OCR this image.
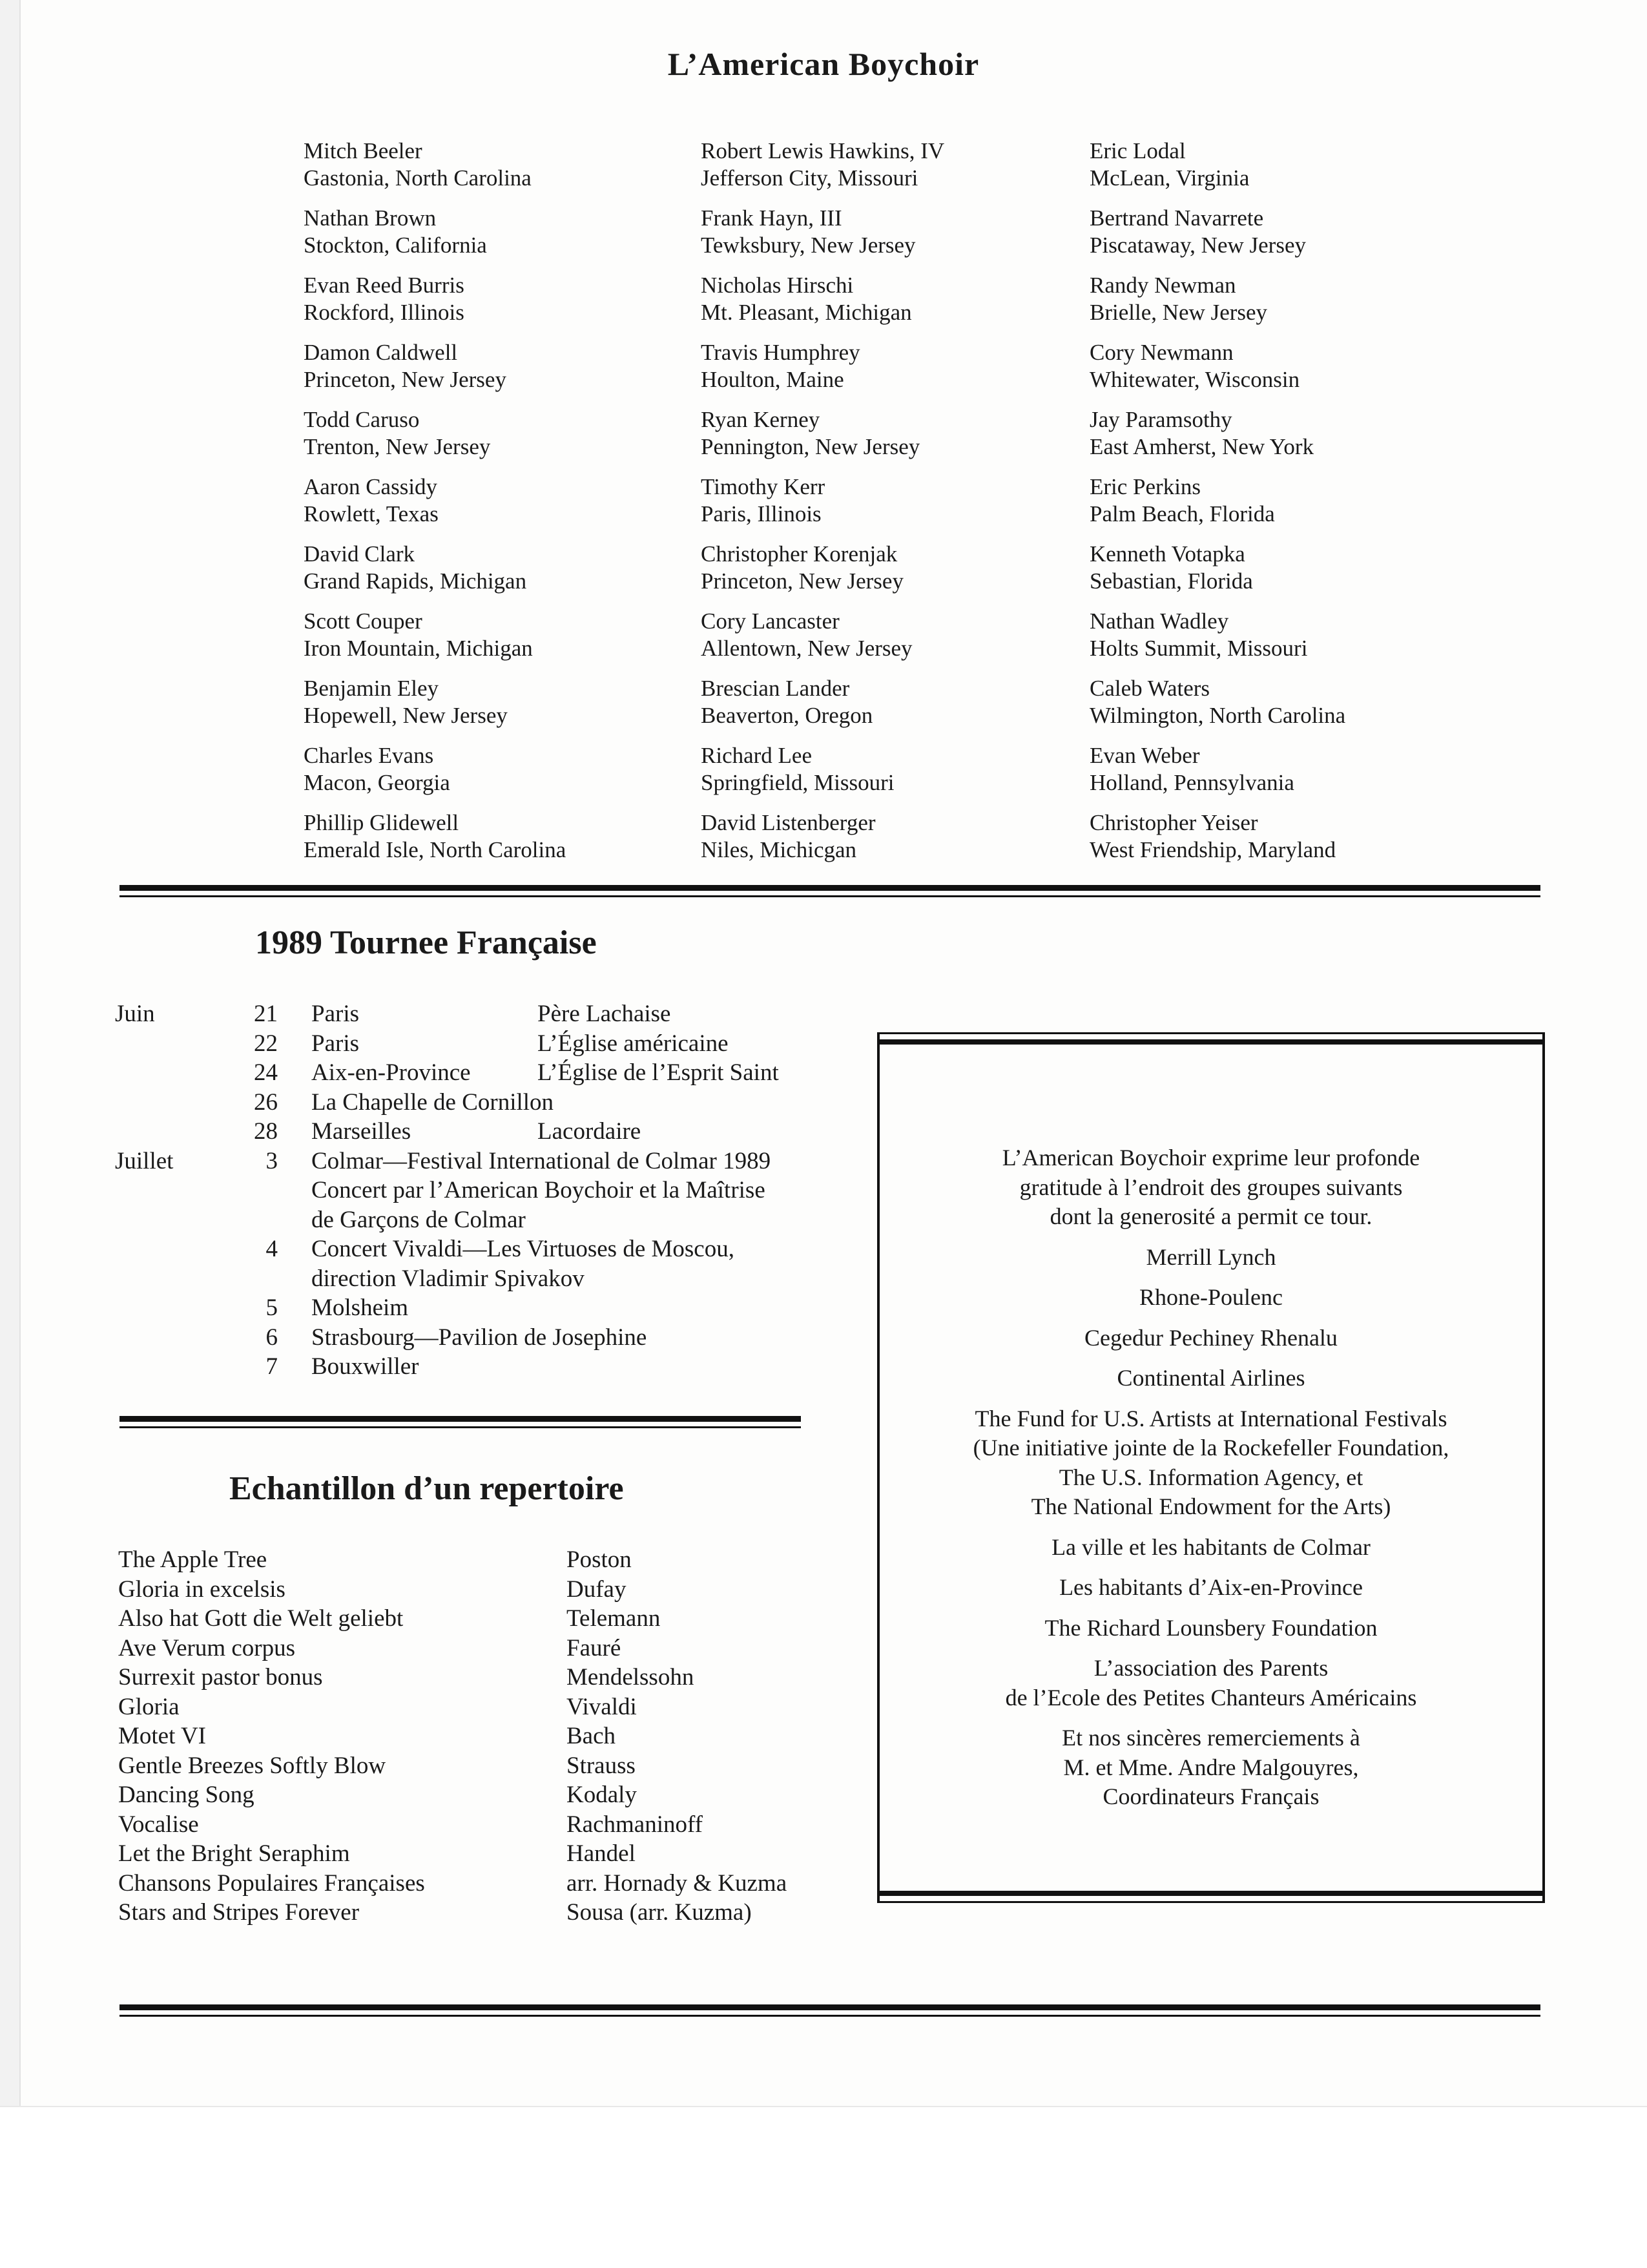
L’American Boychoir
Mitch Beeler
Gastonia, North Carolina
Nathan Brown
Stockton, California
Evan Reed Burris
Rockford, Illinois
Damon Caldwell
Princeton, New Jersey
Todd Caruso
Trenton, New Jersey
Aaron Cassidy
Rowlett, Texas
David Clark
Grand Rapids, Michigan
Scott Couper
Iron Mountain, Michigan
Benjamin Eley
Hopewell, New Jersey
Charles Evans
Macon, Georgia
Phillip Glidewell
Emerald Isle, North Carolina
Robert Lewis Hawkins, IV
Jefferson City, Missouri
Frank Hayn, III
Tewksbury, New Jersey
Nicholas Hirschi
Mt. Pleasant, Michigan
Travis Humphrey
Houlton, Maine
Ryan Kerney
Pennington, New Jersey
Timothy Kerr
Paris, Illinois
Christopher Korenjak
Princeton, New Jersey
Cory Lancaster
Allentown, New Jersey
Brescian Lander
Beaverton, Oregon
Richard Lee
Springfield, Missouri
David Listenberger
Niles, Michicgan
Eric Lodal
McLean, Virginia
Bertrand Navarrete
Piscataway, New Jersey
Randy Newman
Brielle, New Jersey
Cory Newmann
Whitewater, Wisconsin
Jay Paramsothy
East Amherst, New York
Eric Perkins
Palm Beach, Florida
Kenneth Votapka
Sebastian, Florida
Nathan Wadley
Holts Summit, Missouri
Caleb Waters
Wilmington, North Carolina
Evan Weber
Holland, Pennsylvania
Christopher Yeiser
West Friendship, Maryland
1989 Tournee Française
Juin	21 Paris	Père Lachaise
22 Paris	L’Église américaine
24 Aix-en-Province	L’Église de l’Esprit Saint
26 La Chapelle de Cornillon
28 Marseilles	Lacordaire
Juillet	3 Colmar—Festival International de Colmar 1989
Concert par l’American Boychoir et la Maîtrise
de Garçons de Colmar
4 Concert Vivaldi—Les Virtuoses de Moscou,
direction Vladimir Spivakov
5 Molsheim
6 Strasbourg—Pavilion de Josephine
7 Bouxwiller
Echantillon d’un repertoire
The Apple Tree	Poston
Gloria in excelsis	Dufay
Also hat Gott die Welt geliebt	Telemann
Ave Verum corpus	Fauré
Surrexit pastor bonus	Mendelssohn
Gloria	Vivaldi
Motet VI	Bach
Gentle Breezes Softly Blow	Strauss
Dancing Song	Kodaly
Vocalise	Rachmaninoff
Let the Bright Seraphim	Handel
Chansons Populaires Françaises	arr. Hornady & Kuzma
Stars and Stripes Forever	Sousa (arr. Kuzma)
L’American Boychoir exprime leur profonde
gratitude à l’endroit des groupes suivants
dont la generosité a permit ce tour.
Merrill Lynch
Rhone-Poulenc
Cegedur Pechiney Rhenalu
Continental Airlines
The Fund for U.S. Artists at International Festivals
(Une initiative jointe de la Rockefeller Foundation,
The U.S. Information Agency, et
The National Endowment for the Arts)
La ville et les habitants de Colmar
Les habitants d’Aix-en-Province
The Richard Lounsbery Foundation
L’association des Parents
de l’Ecole des Petites Chanteurs Américains
Et nos sincères remerciements à
M. et Mme. Andre Malgouyres,
Coordinateurs Français
